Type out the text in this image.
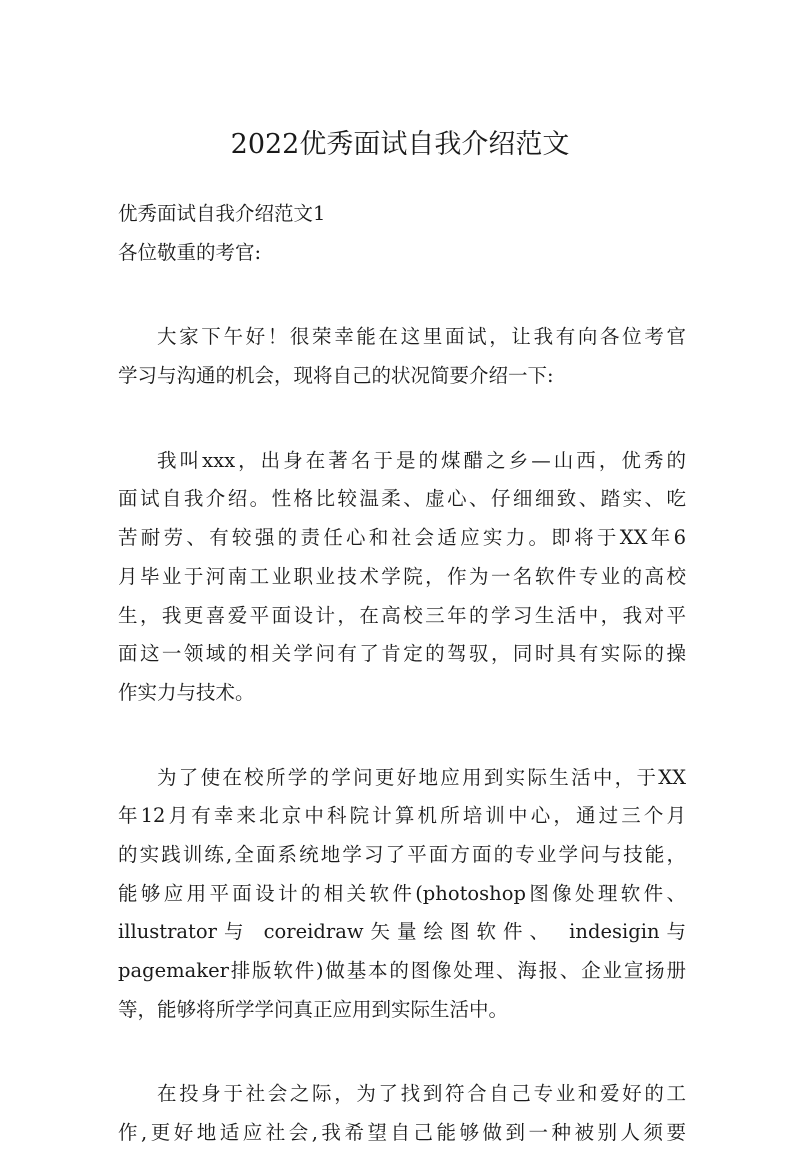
2022优秀面试自我介绍范文
优秀面试自我介绍范文1
各位敬重的考官:
大家下午好！很荣幸能在这里面试，让我有向各位考官
学习与沟通的机会，现将自己的状况简要介绍一下:
我叫xxx，出身在著名于是的煤醋之乡—山西，优秀的
面试自我介绍。性格比较温柔、虚心、仔细细致、踏实、吃
苦耐劳、有较强的责任心和社会适应实力。即将于XX年6
月毕业于河南工业职业技术学院，作为一名软件专业的高校
生，我更喜爱平面设计，在高校三年的学习生活中，我对平
面这一领域的相关学问有了肯定的驾驭，同时具有实际的操
作实力与技术。
为了使在校所学的学问更好地应用到实际生活中，于XX
年12月有幸来北京中科院计算机所培训中心，通过三个月
的实践训练,全面系统地学习了平面方面的专业学问与技能，
能够应用平面设计的相关软件(photoshop图像处理软件、
illustrator与 coreidraw矢量绘图软件、 indesigin与
pagemaker排版软件)做基本的图像处理、海报、企业宣扬册
等，能够将所学学问真正应用到实际生活中。
在投身于社会之际，为了找到符合自己专业和爱好的工
作,更好地适应社会,我希望自己能够做到一种被别人须要
